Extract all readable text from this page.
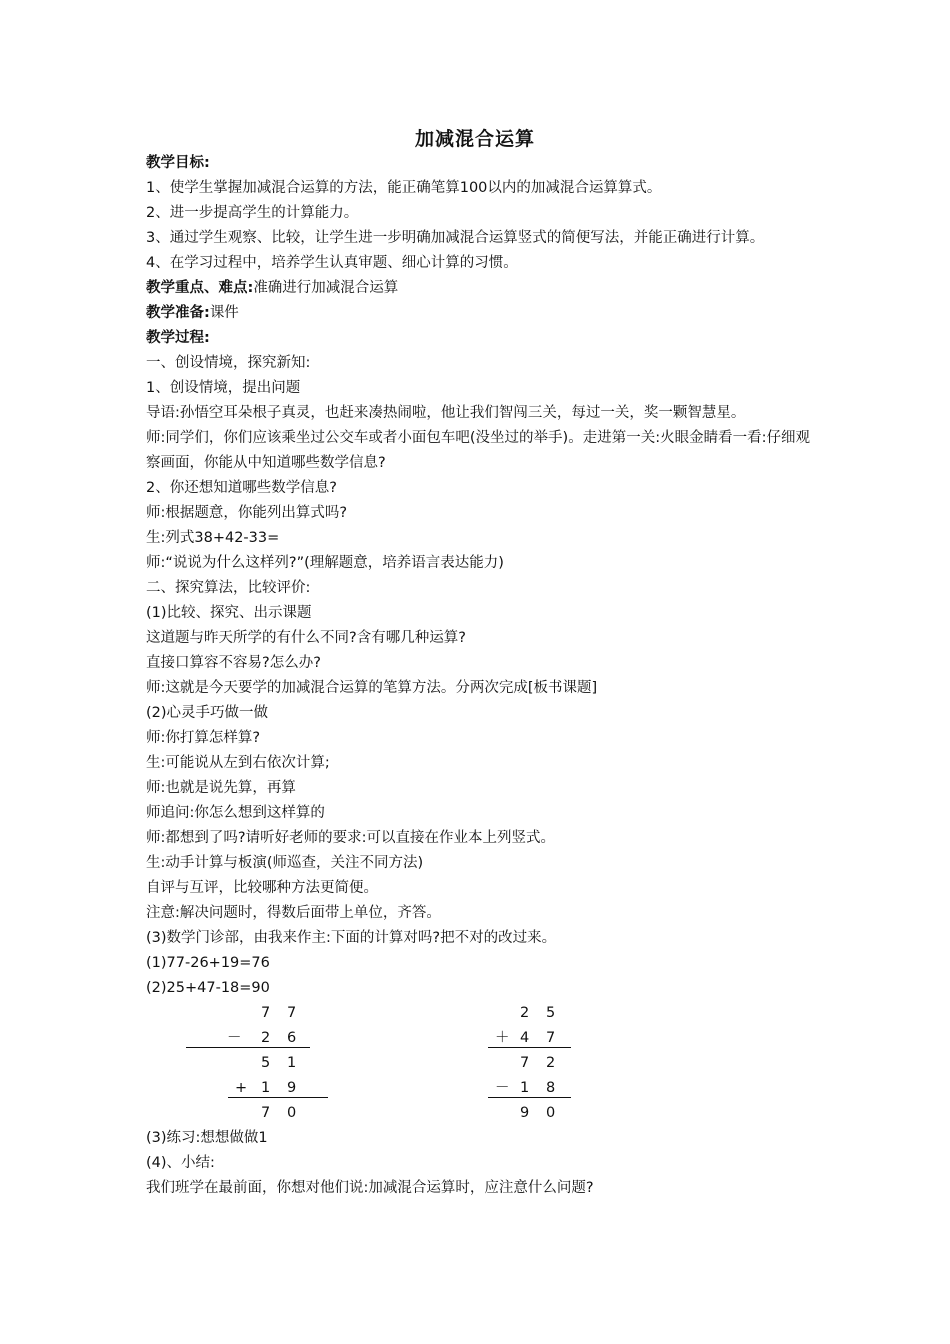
加减混合运算
教学目标:
1、使学生掌握加减混合运算的方法，能正确笔算100以内的加减混合运算算式。
2、进一步提高学生的计算能力。
3、通过学生观察、比较，让学生进一步明确加减混合运算竖式的简便写法，并能正确进行计算。
4、在学习过程中，培养学生认真审题、细心计算的习惯。
教学重点、难点:准确进行加减混合运算
教学准备:课件
教学过程:
一、创设情境，探究新知:
1、创设情境，提出问题
导语:孙悟空耳朵根子真灵，也赶来凑热闹啦，他让我们智闯三关，每过一关，奖一颗智慧星。
师:同学们，你们应该乘坐过公交车或者小面包车吧(没坐过的举手)。走进第一关:火眼金睛看一看:仔细观察画面，你能从中知道哪些数学信息?
2、你还想知道哪些数学信息?
师:根据题意，你能列出算式吗?
生:列式38+42-33=
师:“说说为什么这样列?”(理解题意，培养语言表达能力)
二、探究算法，比较评价:
(1)比较、探究、出示课题
这道题与昨天所学的有什么不同?含有哪几种运算?
直接口算容不容易?怎么办?
师:这就是今天要学的加减混合运算的笔算方法。分两次完成[板书课题]
(2)心灵手巧做一做
师:你打算怎样算?
生:可能说从左到右依次计算;
师:也就是说先算，再算
师追问:你怎么想到这样算的
师:都想到了吗?请听好老师的要求:可以直接在作业本上列竖式。
生:动手计算与板演(师巡查，关注不同方法)
自评与互评，比较哪种方法更简便。
注意:解决问题时，得数后面带上单位，齐答。
(3)数学门诊部，由我来作主:下面的计算对吗?把不对的改过来。
(1)77-26+19=76
(2)25+47-18=90
7 7
－ 2 6
5 1
+ 1 9
7 0
2 5
＋ 4 7
7 2
－ 1 8
9 0
(3)练习:想想做做1
(4)、小结:
我们班学在最前面，你想对他们说:加减混合运算时，应注意什么问题?
